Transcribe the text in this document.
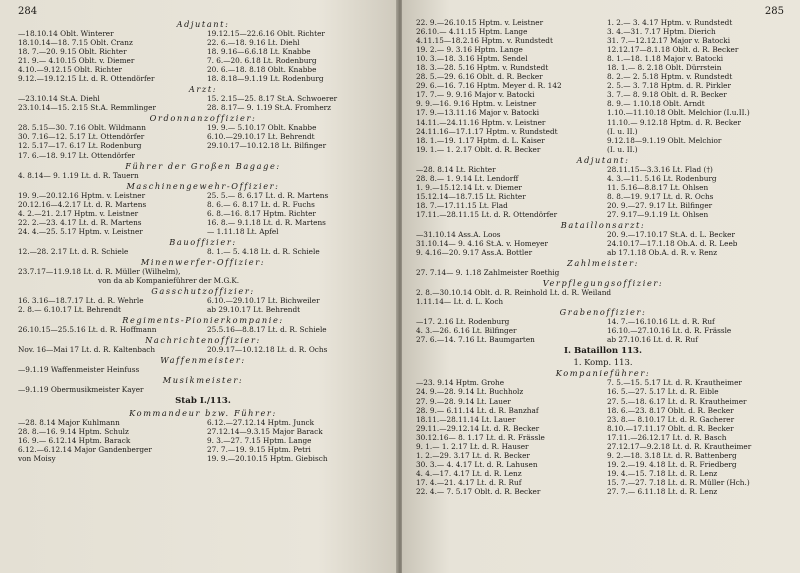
284
Adjutant:
—18.10.14 Oblt. Winterer	19.12.15—22.6.16 Oblt. Richter
18.10.14—18. 7.15 Oblt. Cranz	22. 6.—18. 9.16 Lt. Diehl
18. 7.—20. 9.15 Oblt. Richter	18. 9.16—6.6.18 Lt. Knabbe
21. 9.— 4.10.15 Oblt. v. Diemer	7. 6.—20. 6.18 Lt. Rodenburg
4.10.—9.12.15 Oblt. Richter	20. 6.—18. 8.18 Oblt. Knabbe
9.12.—19.12.15 Lt. d. R. Ottendörfer	18. 8.18—9.1.19 Lt. Rodenburg
Arzt:
—23.10.14 St.A. Diehl	15. 2.15—25. 8.17 St.A. Schwoerer
23.10.14—15. 2.15 St.A. Remmlinger	28. 8.17— 9. 1.19 St.A. Fromherz
Ordonnanzoffizier:
28. 5.15—30. 7.16 Oblt. Wildmann	19. 9.— 5.10.17 Oblt. Knabbe
30. 7.16—12. 5.17 Lt. Ottendörfer	6.10.—29.10.17 Lt. Behrendt
12. 5.17—17. 6.17 Lt. Rodenburg	29.10.17—10.12.18 Lt. Bilfinger
17. 6.—18. 9.17 Lt. Ottendörfer
Führer der Großen Bagage:
4. 8.14— 9. 1.19 Lt. d. R. Tauern
Maschinengewehr-Offizier:
19. 9.—20.12.16 Hptm. v. Leistner	25. 5.— 8. 6.17 Lt. d. R. Martens
20.12.16—4.2.17 Lt. d. R. Martens	8. 6.— 6. 8.17 Lt. d. R. Fuchs
4. 2.—21. 2.17 Hptm. v. Leistner	6. 8.—16. 8.17 Hptm. Richter
22. 2.—23. 4.17 Lt. d. R. Martens	16. 8.— 9.1.18 Lt. d. R. Martens
24. 4.—25. 5.17 Hptm. v. Leistner	— 1.11.18 Lt. Apfel
Bauoffizier:
12.—28. 2.17 Lt. d. R. Schiele	8. 1.— 5. 4.18 Lt. d. R. Schiele
Minenwerfer-Offizier:
23.7.17—11.9.18 Lt. d. R. Müller (Wilhelm),
von da ab Kompanieführer der M.G.K.
Gasschutzoffizier:
16. 3.16—18.7.17 Lt. d. R. Wehrle	6.10.—29.10.17 Lt. Bichweiler
2. 8.— 6.10.17 Lt. Behrendt	ab 29.10.17 Lt. Behrendt
Regiments-Pionierkompanie:
26.10.15—25.5.16 Lt. d. R. Hoffmann	25.5.16—8.8.17 Lt. d. R. Schiele
Nachrichtenoffizier:
Nov. 16—Mai 17 Lt. d. R. Kaltenbach	20.9.17—10.12.18 Lt. d. R. Ochs
Waffenmeister:
—9.1.19 Waffenmeister Heinfuss
Musikmeister:
—9.1.19 Obermusikmeister Kayer
Stab I./113.
Kommandeur bzw. Führer:
—28. 8.14 Major Kuhlmann	6.12.—27.12.14 Hptm. Junck
28. 8.—16. 9.14 Hptm. Schulz	27.12.14—9.3.15 Major Barack
16. 9.— 6.12.14 Hptm. Barack	9. 3.—27. 7.15 Hptm. Lange
6.12.—6.12.14 Major Gandenberger	27. 7.—19. 9.15 Hptm. Petri
von Moisy	19. 9.—20.10.15 Hptm. Giebisch
285
22. 9.—26.10.15 Hptm. v. Leistner	1. 2.— 3. 4.17 Hptm. v. Rundstedt
26.10.— 4.11.15 Hptm. Lange	3. 4.—31. 7.17 Hptm. Dierich
4.11.15—18.2.16 Hptm. v. Rundstedt	31. 7.—12.12.17 Major v. Batocki
19. 2.— 9. 3.16 Hptm. Lange	12.12.17—8.1.18 Oblt. d. R. Becker
10. 3.—18. 3.16 Hptm. Sendel	8. 1.—18. 1.18 Major v. Batocki
18. 3.—28. 5.16 Hptm. v. Rundstedt	18. 1.— 8. 2.18 Oblt. Dürrstein
28. 5.—29. 6.16 Oblt. d. R. Becker	8. 2.— 2. 5.18 Hptm. v. Rundstedt
29. 6.—16. 7.16 Hptm. Meyer d. R. 142	2. 5.— 3. 7.18 Hptm. d. R. Pirkler
17. 7.— 9. 9.16 Major v. Batocki	3. 7.— 8. 9.18 Oblt. d. R. Becker
9. 9.—16. 9.16 Hptm. v. Leistner	8. 9.— 1.10.18 Oblt. Arndt
17. 9.—13.11.16 Major v. Batocki	1.10.—11.10.18 Oblt. Melchior (I.u.II.)
14.11.—24.11.16 Hptm. v. Leistner	11.10.— 9.12.18 Hptm. d. R. Becker
24.11.16—17.1.17 Hptm. v. Rundstedt	(I. u. II.)
18. 1.—19. 1.17 Hptm. d. L. Kaiser	9.12.18—9.1.19 Oblt. Melchior
19. 1.— 1. 2.17 Oblt. d. R. Becker	(I. u. II.)
Adjutant:
—28. 8.14 Lt. Richter	28.11.15—3.3.16 Lt. Flad (†)
28. 8.— 1. 9.14 Lt. Lendorff	4. 3.—11. 5.16 Lt. Rodenburg
1. 9.—15.12.14 Lt. v. Diemer	11. 5.16—8.8.17 Lt. Ohlsen
15.12.14—18.7.15 Lt. Richter	8. 8.—19. 9.17 Lt. d. R. Ochs
18. 7.—17.11.15 Lt. Flad	20. 9.—27. 9.17 Lt. Bilfinger
17.11.—28.11.15 Lt. d. R. Ottendörfer	27. 9.17—9.1.19 Lt. Ohlsen
Bataillonsarzt:
—31.10.14 Ass.A. Loos	20. 9.—17.10.17 St.A. d. L. Becker
31.10.14— 9. 4.16 St.A. v. Homeyer	24.10.17—17.1.18 Ob.A. d. R. Leeb
9. 4.16—20. 9.17 Ass.A. Bottler	ab 17.1.18 Ob.A. d. R. v. Renz
Zahlmeister:
27. 7.14— 9. 1.18 Zahlmeister Roethig
Verpflegungsoffizier:
2. 8.—30.10.14 Oblt. d. R. Reinhold Lt. d. R. Weiland
1.11.14— Lt. d. L. Koch
Grabenoffizier:
—17. 2.16 Lt. Rodenburg	14. 7.—16.10.16 Lt. d. R. Ruf
4. 3.—26. 6.16 Lt. Bilfinger	16.10.—27.10.16 Lt. d. R. Frässle
27. 6.—14. 7.16 Lt. Baumgarten	ab 27.10.16 Lt. d. R. Ruf
I. Bataillon 113.
1. Komp. 113.
Kompanieführer:
—23. 9.14 Hptm. Grohe	7. 5.—15. 5.17 Lt. d. R. Krautheimer
24. 9.—28. 9.14 Lt. Buchholz	16. 5.—27. 5.17 Lt. d. R. Eible
27. 9.—28. 9.14 Lt. Lauer	27. 5.—18. 6.17 Lt. d. R. Krautheimer
28. 9.— 6.11.14 Lt. d. R. Banzhaf	18. 6.—23. 8.17 Oblt. d. R. Becker
18.11.—28.11.14 Lt. Lauer	23. 8.— 8.10.17 Lt. d. R. Gacherer
29.11.—29.12.14 Lt. d. R. Becker	8.10.—17.11.17 Oblt. d. R. Becker
30.12.16— 8. 1.17 Lt. d. R. Frässle	17.11.—26.12.17 Lt. d. R. Basch
9. 1.— 1. 2.17 Lt. d. R. Hauser	27.12.17—9.2.18 Lt. d. R. Krautheimer
1. 2.—29. 3.17 Lt. d. R. Becker	9. 2.—18. 3.18 Lt. d. R. Battenberg
30. 3.— 4. 4.17 Lt. d. R. Lahusen	19. 2.—19. 4.18 Lt. d. R. Friedberg
4. 4.—17. 4.17 Lt. d. R. Lenz	19. 4.—15. 7.18 Lt. d. R. Lenz
17. 4.—21. 4.17 Lt. d. R. Ruf	15. 7.—27. 7.18 Lt. d. R. Müller (Hch.)
22. 4.— 7. 5.17 Oblt. d. R. Becker	27. 7.— 6.11.18 Lt. d. R. Lenz
